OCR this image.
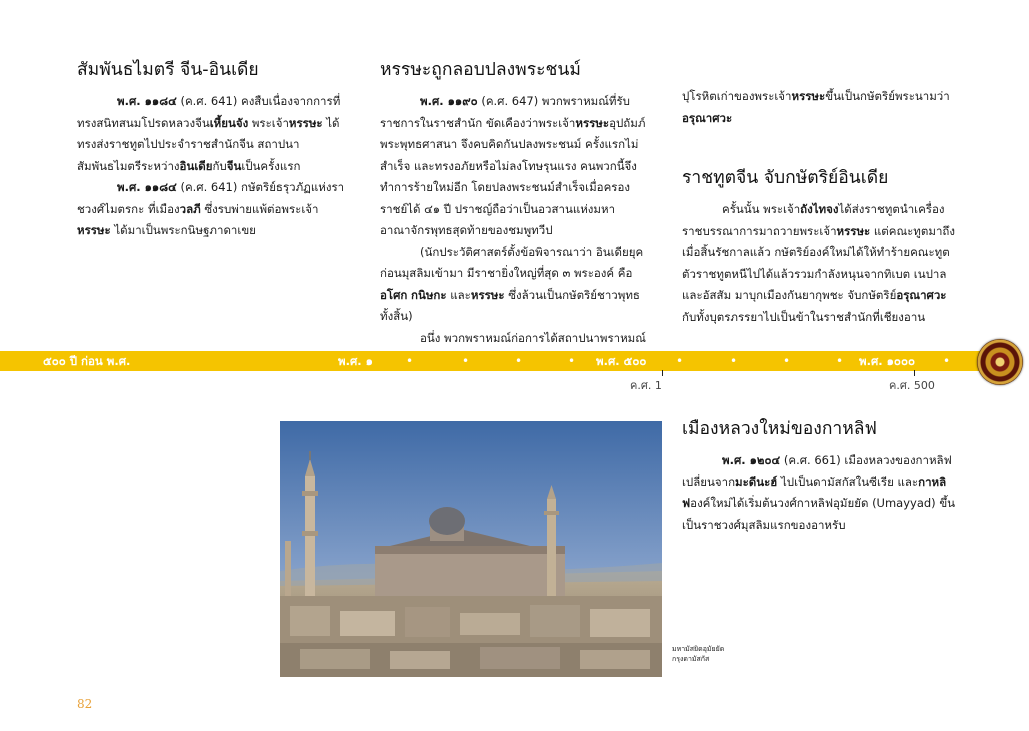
สัมพันธไมตรี จีน-อินเดีย

พ.ศ. ๑๑๘๔ (ค.ศ. 641) คงสืบเนื่องจากการที่ทรงสนิทสนมโปรดหลวงจีนเหี้ยนจัง พระเจ้าหรรษะ ได้ทรงส่งราชทูตไปประจำราชสำนักจีน สถาปนาสัมพันธไมตรีระหว่างอินเดียกับจีนเป็นครั้งแรก

พ.ศ. ๑๑๘๔ (ค.ศ. 641) กษัตริย์ธรุวภัฏแห่งราชวงศ์ไมตรกะ ที่เมืองวลภี ซึ่งรบพ่ายแพ้ต่อพระเจ้าหรรษะ ได้มาเป็นพระกนิษฐภาดาเขย

หรรษะถูกลอบปลงพระชนม์

พ.ศ. ๑๑๙๐ (ค.ศ. 647) พวกพราหมณ์ที่รับราชการในราชสำนัก ขัดเคืองว่าพระเจ้าหรรษะอุปถัมภ์พระพุทธศาสนา จึงคบคิดกันปลงพระชนม์ ครั้งแรกไม่สำเร็จ และทรงอภัยหรือไม่ลงโทษรุนแรง คนพวกนี้จึงทำการร้ายใหม่อีก โดยปลงพระชนม์สำเร็จเมื่อครองราชย์ได้ ๔๑ ปี ปราชญ์ถือว่าเป็นอวสานแห่งมหาอาณาจักรพุทธสุดท้ายของชมพูทวีป

(นักประวัติศาสตร์ตั้งข้อพิจารณาว่า อินเดียยุคก่อนมุสลิมเข้ามา มีราชายิ่งใหญ่ที่สุด ๓ พระองค์ คือ อโศก กนิษกะ และหรรษะ ซึ่งล้วนเป็นกษัตริย์ชาวพุทธทั้งสิ้น)

อนึ่ง พวกพราหมณ์ก่อการได้สถาปนาพราหมณ์

ปุโรหิตเก่าของพระเจ้าหรรษะขึ้นเป็นกษัตริย์พระนามว่า อรุณาศวะ

ราชทูตจีน จับกษัตริย์อินเดีย

ครั้นนั้น พระเจ้าถังไทจงได้ส่งราชทูตนำเครื่องราชบรรณาการมาถวายพระเจ้าหรรษะ แต่คณะทูตมาถึงเมื่อสิ้นรัชกาลแล้ว กษัตริย์องค์ใหม่ได้ให้ทำร้ายคณะทูต ตัวราชทูตหนีไปได้แล้วรวมกำลังหนุนจากทิเบต เนปาล และอัสสัม มาบุกเมืองกันยากุพชะ จับกษัตริย์อรุณาศวะ กับทั้งบุตรภรรยาไปเป็นข้าในราชสำนักที่เชียงอาน

๕๐๐ ปี ก่อน พ.ศ.	พ.ศ. ๑	•	•	•	• พ.ศ. ๕๐๐ •	•	•	• พ.ศ. ๑๐๐๐ •
ค.ศ. 1	ค.ศ. 500
มหามัสยิดอุมัยยัด
กรุงดามัสกัส
เมืองหลวงใหม่ของกาหลิฟ

พ.ศ. ๑๒๐๔ (ค.ศ. 661) เมืองหลวงของกาหลิฟเปลี่ยนจากมะดีนะฮ์ ไปเป็นดามัสกัสในซีเรีย และกาหลิฟองค์ใหม่ได้เริ่มต้นวงศ์กาหลิฟอุมัยยัด (Umayyad) ขึ้นเป็นราชวงศ์มุสลิมแรกของอาหรับ

82
